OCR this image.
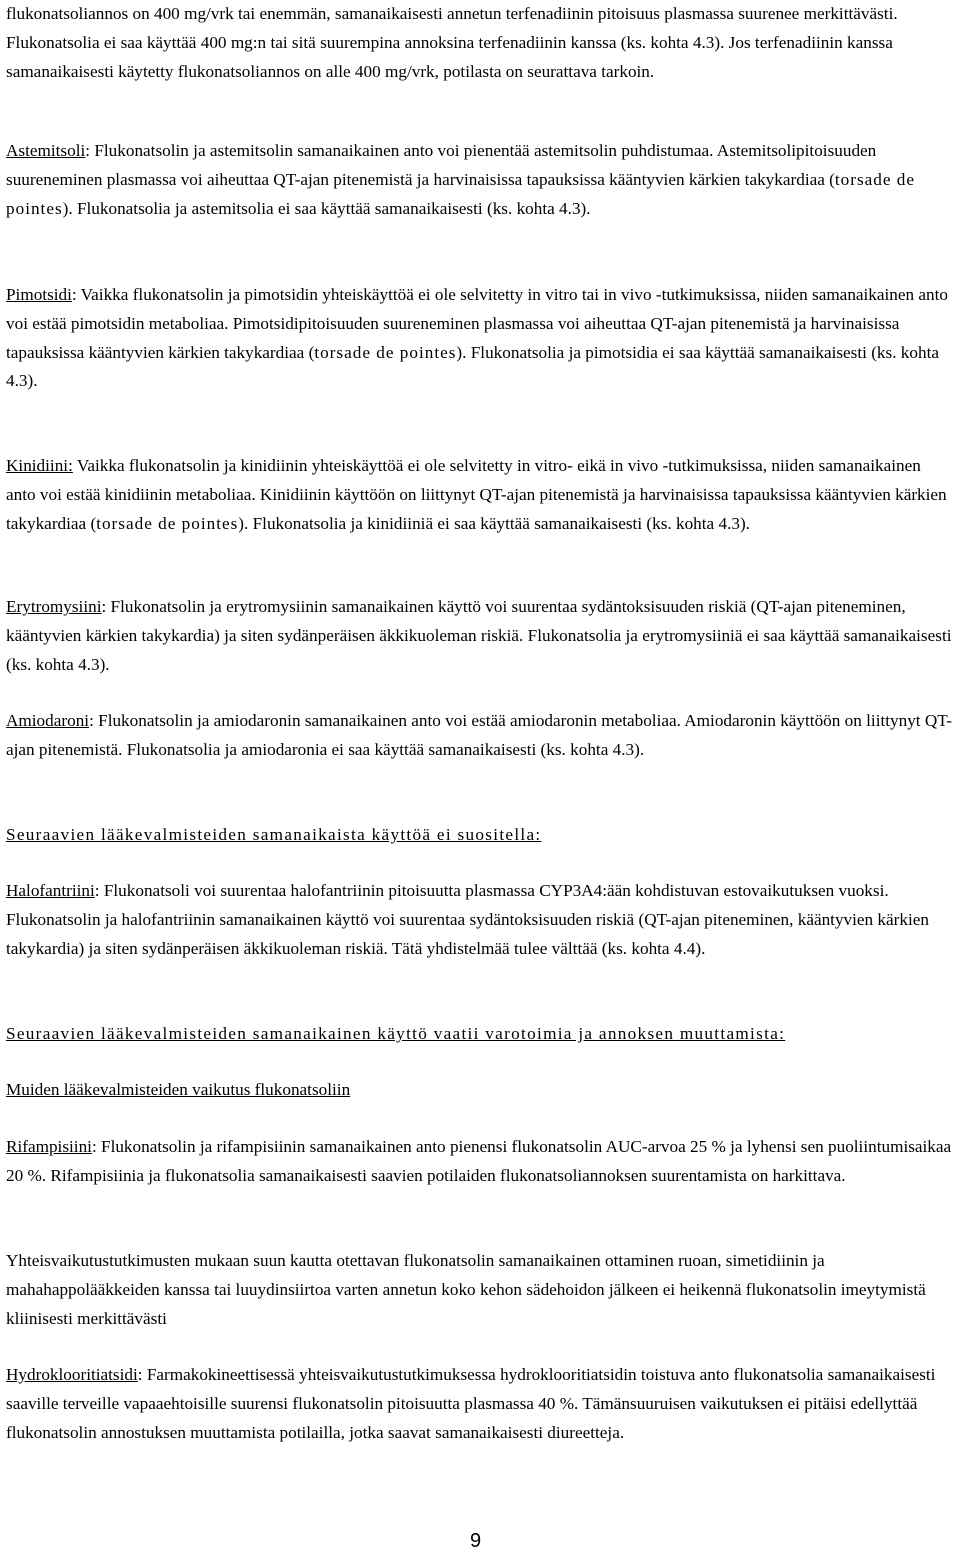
flukonatsoliannos on 400 mg/vrk tai enemmän, samanaikaisesti annetun terfenadiinin pitoisuus plasmassa suurenee merkittävästi. Flukonatsolia ei saa käyttää 400 mg:n tai sitä suurempina annoksina terfenadiinin kanssa (ks. kohta 4.3). Jos terfenadiinin kanssa samanaikaisesti käytetty flukonatsoliannos on alle 400 mg/vrk, potilasta on seurattava tarkoin.

Astemitsoli: Flukonatsolin ja astemitsolin samanaikainen anto voi pienentää astemitsolin puhdistumaa. Astemitsolipitoisuuden suureneminen plasmassa voi aiheuttaa QT-ajan pitenemistä ja harvinaisissa tapauksissa kääntyvien kärkien takykardiaa (torsade de pointes). Flukonatsolia ja astemitsolia ei saa käyttää samanaikaisesti (ks. kohta 4.3).

Pimotsidi: Vaikka flukonatsolin ja pimotsidin yhteiskäyttöä ei ole selvitetty in vitro tai in vivo -tutkimuksissa, niiden samanaikainen anto voi estää pimotsidin metaboliaa. Pimotsidipitoisuuden suureneminen plasmassa voi aiheuttaa QT-ajan pitenemistä ja harvinaisissa tapauksissa kääntyvien kärkien takykardiaa (torsade de pointes). Flukonatsolia ja pimotsidia ei saa käyttää samanaikaisesti (ks. kohta 4.3).

Kinidiini: Vaikka flukonatsolin ja kinidiinin yhteiskäyttöä ei ole selvitetty in vitro- eikä in vivo -tutkimuksissa, niiden samanaikainen anto voi estää kinidiinin metaboliaa. Kinidiinin käyttöön on liittynyt QT-ajan pitenemistä ja harvinaisissa tapauksissa kääntyvien kärkien takykardiaa (torsade de pointes). Flukonatsolia ja kinidiiniä ei saa käyttää samanaikaisesti (ks. kohta 4.3).

Erytromysiini: Flukonatsolin ja erytromysiinin samanaikainen käyttö voi suurentaa sydäntoksisuuden riskiä (QT-ajan piteneminen, kääntyvien kärkien takykardia) ja siten sydänperäisen äkkikuoleman riskiä. Flukonatsolia ja erytromysiiniä ei saa käyttää samanaikaisesti (ks. kohta 4.3).

Amiodaroni: Flukonatsolin ja amiodaronin samanaikainen anto voi estää amiodaronin metaboliaa. Amiodaronin käyttöön on liittynyt QT-ajan pitenemistä. Flukonatsolia ja amiodaronia ei saa käyttää samanaikaisesti (ks. kohta 4.3).

Seuraavien lääkevalmisteiden samanaikaista käyttöä ei suositella:

Halofantriini: Flukonatsoli voi suurentaa halofantriinin pitoisuutta plasmassa CYP3A4:ään kohdistuvan estovaikutuksen vuoksi. Flukonatsolin ja halofantriinin samanaikainen käyttö voi suurentaa sydäntoksisuuden riskiä (QT-ajan piteneminen, kääntyvien kärkien takykardia) ja siten sydänperäisen äkkikuoleman riskiä. Tätä yhdistelmää tulee välttää (ks. kohta 4.4).

Seuraavien lääkevalmisteiden samanaikainen käyttö vaatii varotoimia ja annoksen muuttamista:

Muiden lääkevalmisteiden vaikutus flukonatsoliin

Rifampisiini: Flukonatsolin ja rifampisiinin samanaikainen anto pienensi flukonatsolin AUC-arvoa 25 % ja lyhensi sen puoliintumisaikaa 20 %. Rifampisiinia ja flukonatsolia samanaikaisesti saavien potilaiden flukonatsoliannoksen suurentamista on harkittava.

Yhteisvaikutustutkimusten mukaan suun kautta otettavan flukonatsolin samanaikainen ottaminen ruoan, simetidiinin ja mahahappolääkkeiden kanssa tai luuydinsiirtoa varten annetun koko kehon sädehoidon jälkeen ei heikennä flukonatsolin imeytymistä kliinisesti merkittävästi

Hydroklooritiatsidi: Farmakokineettisessä yhteisvaikutustutkimuksessa hydroklooritiatsidin toistuva anto flukonatsolia samanaikaisesti saaville terveille vapaaehtoisille suurensi flukonatsolin pitoisuutta plasmassa 40 %. Tämänsuuruisen vaikutuksen ei pitäisi edellyttää flukonatsolin annostuksen muuttamista potilailla, jotka saavat samanaikaisesti diureetteja.

9
